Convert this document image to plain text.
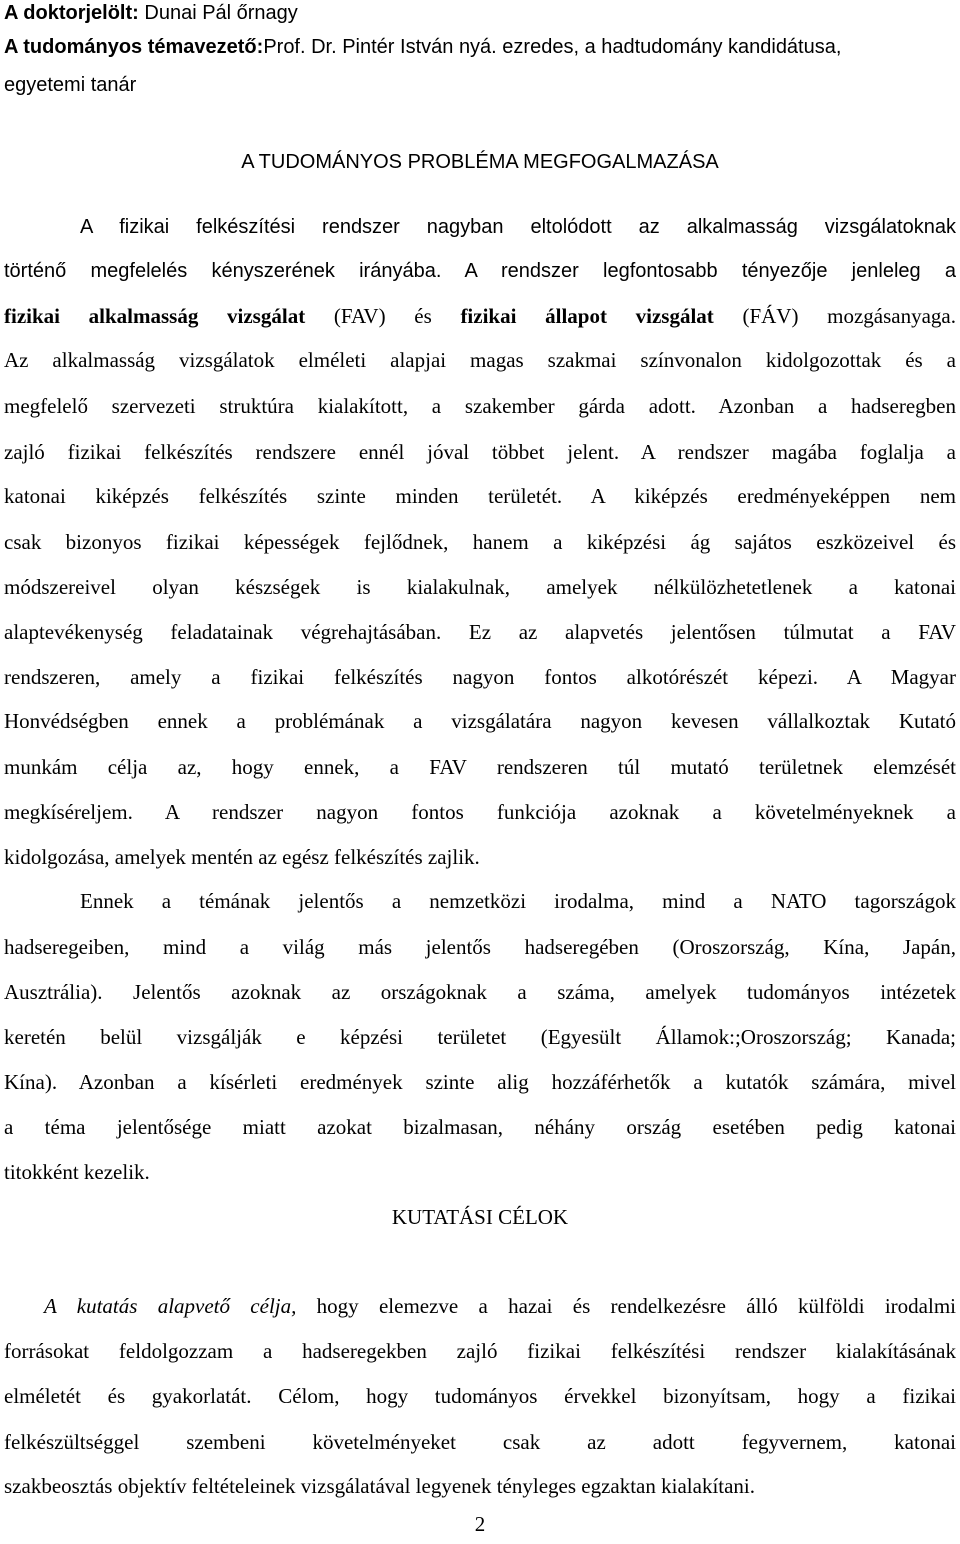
A doktorjelölt: Dunai Pál őrnagy
A tudományos témavezető:Prof. Dr. Pintér István nyá. ezredes, a hadtudomány kandidátusa,
egyetemi tanár
A TUDOMÁNYOS PROBLÉMA MEGFOGALMAZÁSA
A fizikai felkészítési rendszer nagyban eltolódott az alkalmasság vizsgálatoknak
történő megfelelés kényszerének irányába. A rendszer legfontosabb tényezője jenleleg a
fizikai alkalmasság vizsgálat (FAV) és fizikai állapot vizsgálat (FÁV) mozgásanyaga.
Az alkalmasság vizsgálatok elméleti alapjai magas szakmai színvonalon kidolgozottak és a
megfelelő szervezeti struktúra kialakított, a szakember gárda adott. Azonban a hadseregben
zajló fizikai felkészítés rendszere ennél jóval többet jelent. A rendszer magába foglalja a
katonai kiképzés felkészítés szinte minden területét. A kiképzés eredményeképpen nem
csak bizonyos fizikai képességek fejlődnek, hanem a kiképzési ág sajátos eszközeivel és
módszereivel olyan készségek is kialakulnak, amelyek nélkülözhetetlenek a katonai
alaptevékenység feladatainak végrehajtásában. Ez az alapvetés jelentősen túlmutat a FAV
rendszeren, amely a fizikai felkészítés nagyon fontos alkotórészét képezi. A Magyar
Honvédségben ennek a problémának a vizsgálatára nagyon kevesen vállalkoztak Kutató
munkám célja az, hogy ennek, a FAV rendszeren túl mutató területnek elemzését
megkíséreljem. A rendszer nagyon fontos funkciója azoknak a követelményeknek a
kidolgozása, amelyek mentén az egész felkészítés zajlik.
Ennek a témának jelentős a nemzetközi irodalma, mind a NATO tagországok
hadseregeiben, mind a világ más jelentős hadseregében (Oroszország, Kína, Japán,
Ausztrália). Jelentős azoknak az országoknak a száma, amelyek tudományos intézetek
keretén belül vizsgálják e képzési területet (Egyesült Államok:;Oroszország; Kanada;
Kína). Azonban a kísérleti eredmények szinte alig hozzáférhetők a kutatók számára, mivel
a téma jelentősége miatt azokat bizalmasan, néhány ország esetében pedig katonai
titokként kezelik.
KUTATÁSI CÉLOK
A kutatás alapvető célja, hogy elemezve a hazai és rendelkezésre álló külföldi irodalmi
forrásokat feldolgozzam a hadseregekben zajló fizikai felkészítési rendszer kialakításának
elméletét és gyakorlatát. Célom, hogy tudományos érvekkel bizonyítsam, hogy a fizikai
felkészültséggel szembeni követelményeket csak az adott fegyvernem, katonai
szakbeosztás objektív feltételeinek vizsgálatával legyenek tényleges egzaktan kialakítani.
2
